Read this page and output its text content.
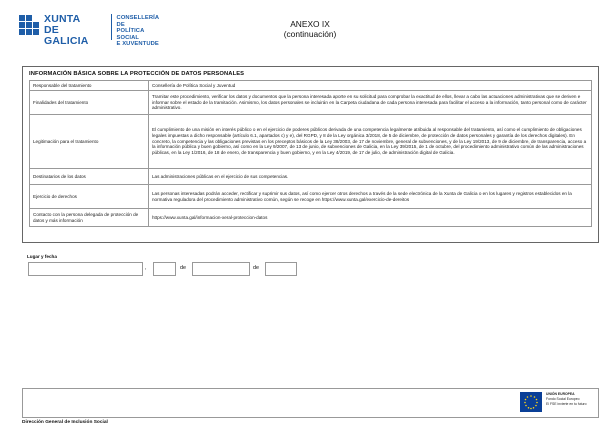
XUNTA
DE GALICIA
CONSELLERÍA DE
POLÍTICA SOCIAL
E XUVENTUDE
ANEXO IX
(continuación)
INFORMACIÓN BÁSICA SOBRE LA PROTECCIÓN DE DATOS PERSONALES
Responsable del tratamiento	Consellería de Política Social y Juventud
Finalidades del tratamiento	Tramitar este procedimiento, verificar los datos y documentos que la persona interesada aporte en su solicitud para comprobar la exactitud de ellos, llevar a cabo las actuaciones administrativas que se deriven e informar sobre el estado de la tramitación. Asimismo, los datos personales se incluirán en la Carpeta ciudadana de cada persona interesada para facilitar el acceso a la información, tanto personal como de carácter administrativo.
Legitimación para el tratamiento	El cumplimiento de una misión en interés público o en el ejercicio de poderes públicos derivada de una competencia legalmente atribuida al responsable del tratamiento, así como el cumplimiento de obligaciones legales impuestas a dicho responsable (artículo 6.1, apartados c) y e), del RGPD, y 8 de la Ley orgánica 3/2018, de 5 de diciembre, de protección de datos personales y garantía de los derechos digitales). En concreto, la competencia y las obligaciones previstas en los preceptos básicos de la Ley 38/2003, de 17 de noviembre, general de subvenciones, y de la Ley 19/2013, de 9 de diciembre, de transparencia, acceso a la información pública y buen gobierno, así como en la Ley 9/2007, de 13 de junio, de subvenciones de Galicia, en la Ley 39/2015, de 1 de octubre, del procedimiento administrativo común de las administraciones públicas, en la Ley 1/2016, de 18 de enero, de transparencia y buen gobierno, y en la Ley 4/2019, de 17 de julio, de administración digital de Galicia.
Destinatarios de los datos	Las administraciones públicas en el ejercicio de sus competencias.
Ejercicio de derechos	Las personas interesadas podrán acceder, rectificar y suprimir sus datos, así como ejercer otros derechos a través de la sede electrónica de la Xunta de Galicia o en los lugares y registros establecidos en la normativa reguladora del procedimiento administrativo común, según se recoge en https://www.xunta.gal/exercicio-de-dereitos
Contacto con la persona delegada de protección de datos y más información	https://www.xunta.gal/informacion-xeral-proteccion-datos
Lugar y fecha
,	de	de
UNIÓN EUROPEA
Fondo Social Europeo
El FSE invierte en tu futuro
Dirección General de Inclusión Social
